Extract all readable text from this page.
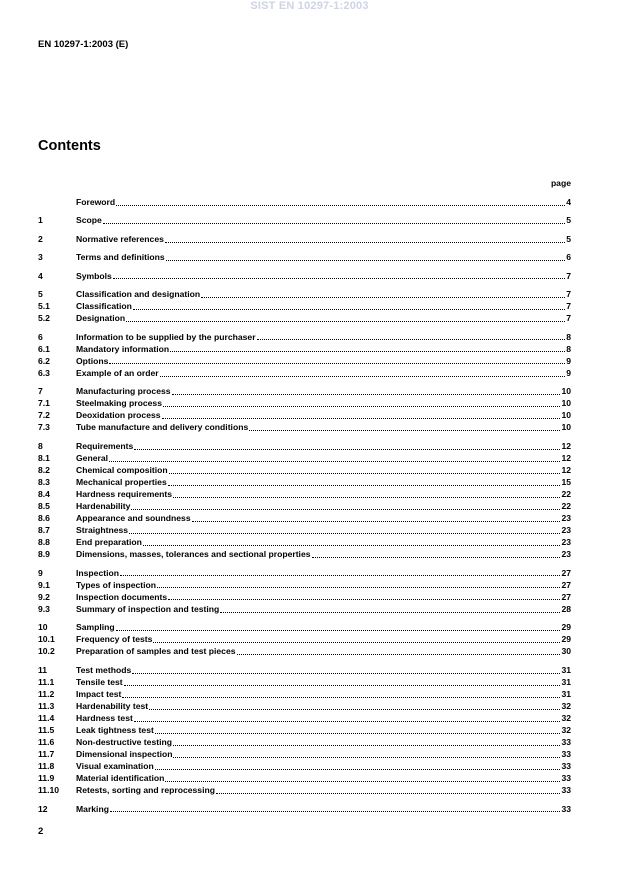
SIST EN 10297-1:2003
EN 10297-1:2003 (E)
Contents
page
Foreword	4
1	Scope	5
2	Normative references	5
3	Terms and definitions	6
4	Symbols	7
5	Classification and designation	7
5.1	Classification	7
5.2	Designation	7
6	Information to be supplied by the purchaser	8
6.1	Mandatory information	8
6.2	Options	9
6.3	Example of an order	9
7	Manufacturing process	10
7.1	Steelmaking process	10
7.2	Deoxidation process	10
7.3	Tube manufacture and delivery conditions	10
8	Requirements	12
8.1	General	12
8.2	Chemical composition	12
8.3	Mechanical properties	15
8.4	Hardness requirements	22
8.5	Hardenability	22
8.6	Appearance and soundness	23
8.7	Straightness	23
8.8	End preparation	23
8.9	Dimensions, masses, tolerances and sectional properties	23
9	Inspection	27
9.1	Types of inspection	27
9.2	Inspection documents	27
9.3	Summary of inspection and testing	28
10	Sampling	29
10.1	Frequency of tests	29
10.2	Preparation of samples and test pieces	30
11	Test methods	31
11.1	Tensile test	31
11.2	Impact test	31
11.3	Hardenability test	32
11.4	Hardness test	32
11.5	Leak tightness test	32
11.6	Non-destructive testing	33
11.7	Dimensional inspection	33
11.8	Visual examination	33
11.9	Material identification	33
11.10	Retests, sorting and reprocessing	33
12	Marking	33
2
